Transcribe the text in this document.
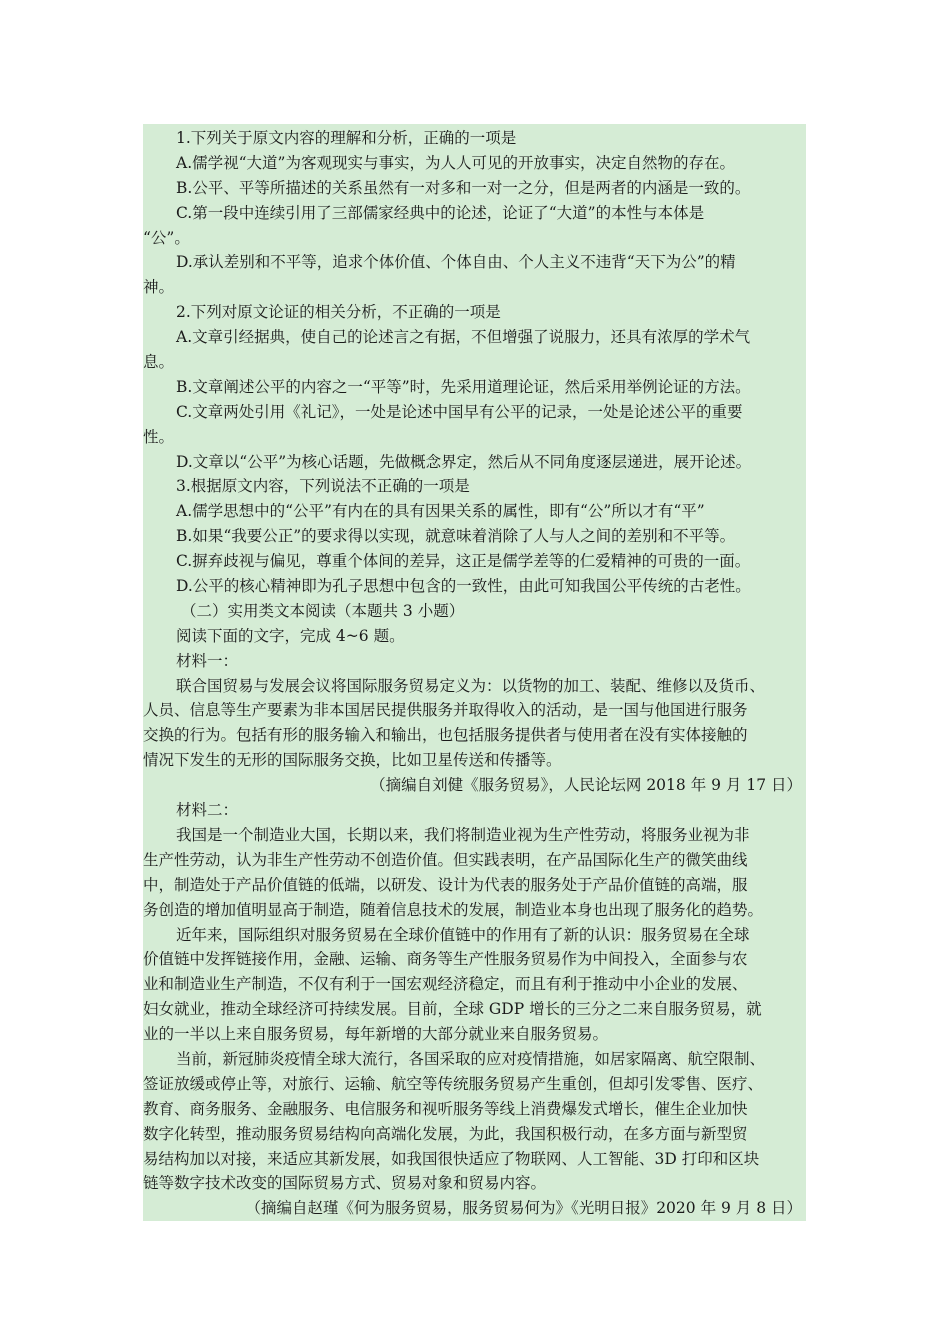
1.下列关于原文内容的理解和分析，正确的一项是
A.儒学视“大道”为客观现实与事实，为人人可见的开放事实，决定自然物的存在。
B.公平、平等所描述的关系虽然有一对多和一对一之分，但是两者的内涵是一致的。
C.第一段中连续引用了三部儒家经典中的论述，论证了“大道”的本性与本体是
“公”。
D.承认差别和不平等，追求个体价值、个体自由、个人主义不违背“天下为公”的精
神。
2.下列对原文论证的相关分析，不正确的一项是
A.文章引经据典，使自己的论述言之有据，不但增强了说服力，还具有浓厚的学术气
息。
B.文章阐述公平的内容之一“平等”时，先采用道理论证，然后采用举例论证的方法。
C.文章两处引用《礼记》，一处是论述中国早有公平的记录，一处是论述公平的重要
性。
D.文章以“公平”为核心话题，先做概念界定，然后从不同角度逐层递进，展开论述。
3.根据原文内容，下列说法不正确的一项是
A.儒学思想中的“公平”有内在的具有因果关系的属性，即有“公”所以才有“平”
B.如果“我要公正”的要求得以实现，就意味着消除了人与人之间的差别和不平等。
C.摒弃歧视与偏见，尊重个体间的差异，这正是儒学差等的仁爱精神的可贵的一面。
D.公平的核心精神即为孔子思想中包含的一致性，由此可知我国公平传统的古老性。
（二）实用类文本阅读（本题共 3 小题）
阅读下面的文字，完成 4~6 题。
材料一：
联合国贸易与发展会议将国际服务贸易定义为：以货物的加工、装配、维修以及货币、
人员、信息等生产要素为非本国居民提供服务并取得收入的活动，是一国与他国进行服务
交换的行为。包括有形的服务输入和输出，也包括服务提供者与使用者在没有实体接触的
情况下发生的无形的国际服务交换，比如卫星传送和传播等。
（摘编自刘健《服务贸易》，人民论坛网 2018 年 9 月 17 日）
材料二：
我国是一个制造业大国，长期以来，我们将制造业视为生产性劳动，将服务业视为非
生产性劳动，认为非生产性劳动不创造价值。但实践表明，在产品国际化生产的微笑曲线
中，制造处于产品价值链的低端，以研发、设计为代表的服务处于产品价值链的高端，服
务创造的增加值明显高于制造，随着信息技术的发展，制造业本身也出现了服务化的趋势。
近年来，国际组织对服务贸易在全球价值链中的作用有了新的认识：服务贸易在全球
价值链中发挥链接作用，金融、运输、商务等生产性服务贸易作为中间投入，全面参与农
业和制造业生产制造，不仅有利于一国宏观经济稳定，而且有利于推动中小企业的发展、
妇女就业，推动全球经济可持续发展。目前，全球 GDP 增长的三分之二来自服务贸易，就
业的一半以上来自服务贸易，每年新增的大部分就业来自服务贸易。
当前，新冠肺炎疫情全球大流行，各国采取的应对疫情措施，如居家隔离、航空限制、
签证放缓或停止等，对旅行、运输、航空等传统服务贸易产生重创，但却引发零售、医疗、
教育、商务服务、金融服务、电信服务和视听服务等线上消费爆发式增长，催生企业加快
数字化转型，推动服务贸易结构向高端化发展，为此，我国积极行动，在多方面与新型贸
易结构加以对接，来适应其新发展，如我国很快适应了物联网、人工智能、3D 打印和区块
链等数字技术改变的国际贸易方式、贸易对象和贸易内容。
（摘编自赵瑾《何为服务贸易，服务贸易何为》《光明日报》2020 年 9 月 8 日）
